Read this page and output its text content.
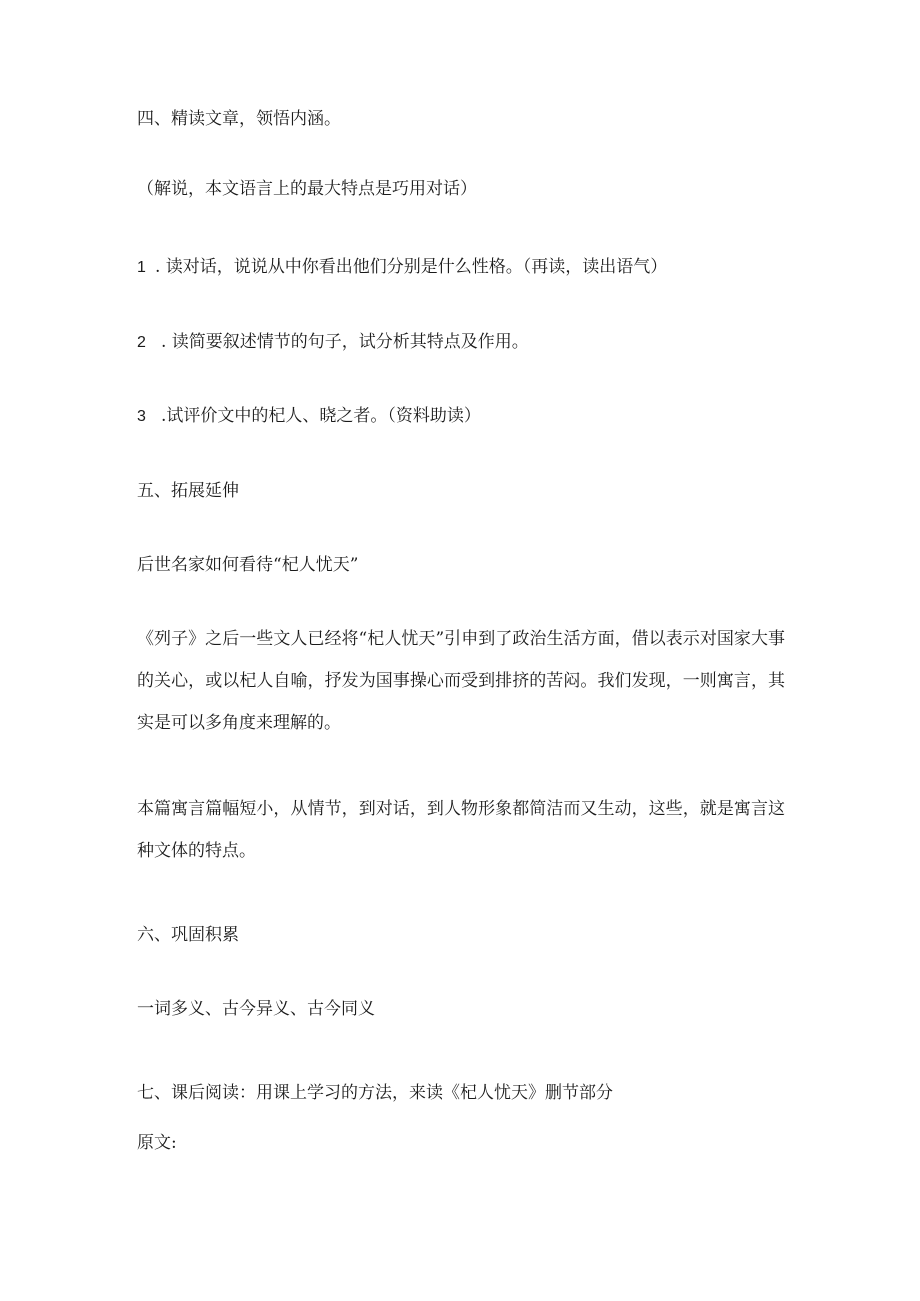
四、精读文章，领悟内涵。

（解说，本文语言上的最大特点是巧用对话）

1 . 读对话，说说从中你看出他们分别是什么性格。（再读，读出语气）

2 . 读简要叙述情节的句子，试分析其特点及作用。

3 .试评价文中的杞人、晓之者。（资料助读）

五、拓展延伸

后世名家如何看待“杞人忧天”

《列子》之后一些文人已经将“杞人忧天”引申到了政治生活方面，借以表示对国家大事的关心，或以杞人自喻，抒发为国事操心而受到排挤的苦闷。我们发现，一则寓言，其实是可以多角度来理解的。

本篇寓言篇幅短小，从情节，到对话，到人物形象都简洁而又生动，这些，就是寓言这种文体的特点。

六、巩固积累

一词多义、古今异义、古今同义

七、课后阅读：用课上学习的方法，来读《杞人忧天》删节部分

原文:
